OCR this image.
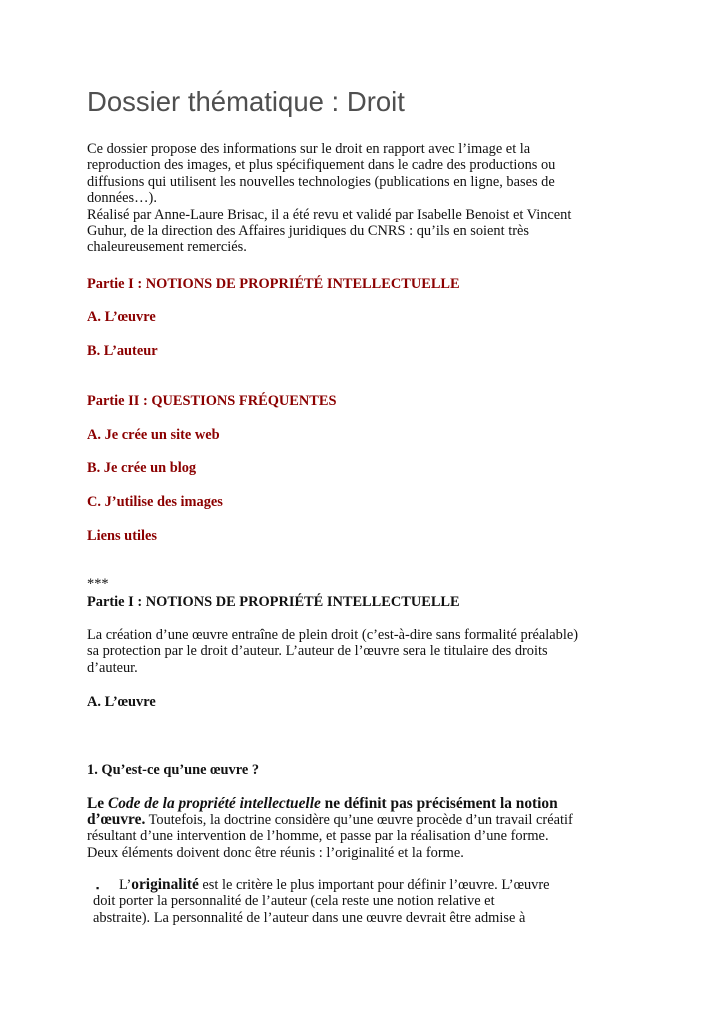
Dossier thématique : Droit
Ce dossier propose des informations sur le droit en rapport avec l’image et la
reproduction des images, et plus spécifiquement dans le cadre des productions ou
diffusions qui utilisent les nouvelles technologies (publications en ligne, bases de
données…).
Réalisé par Anne-Laure Brisac, il a été revu et validé par Isabelle Benoist et Vincent
Guhur, de la direction des Affaires juridiques du CNRS : qu’ils en soient très
chaleureusement remerciés.
Partie I : NOTIONS DE PROPRIÉTÉ INTELLECTUELLE
A. L’œuvre
B. L’auteur
Partie II : QUESTIONS FRÉQUENTES
A. Je crée un site web
B. Je crée un blog
C. J’utilise des images
Liens utiles
***
Partie I : NOTIONS DE PROPRIÉTÉ INTELLECTUELLE
La création d’une œuvre entraîne de plein droit (c’est-à-dire sans formalité préalable)
sa protection par le droit d’auteur. L’auteur de l’œuvre sera le titulaire des droits
d’auteur.
A. L’œuvre
1. Qu’est-ce qu’une œuvre ?
Le Code de la propriété intellectuelle ne définit pas précisément la notion
d’œuvre. Toutefois, la doctrine considère qu’une œuvre procède d’un travail créatif
résultant d’une intervention de l’homme, et passe par la réalisation d’une forme.
Deux éléments doivent donc être réunis : l’originalité et la forme.
▪ L’originalité est le critère le plus important pour définir l’œuvre. L’œuvre
doit porter la personnalité de l’auteur (cela reste une notion relative et
abstraite). La personnalité de l’auteur dans une œuvre devrait être admise à
